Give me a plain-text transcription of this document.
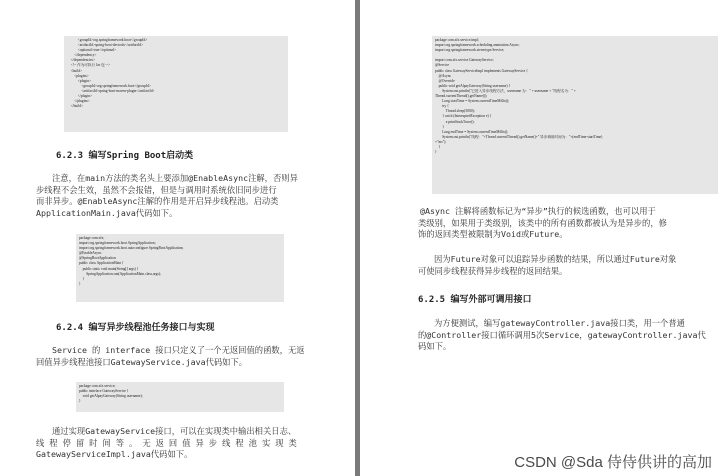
<groupId>org.springframework.boot</groupId>
<artifactId>spring-boot-devtools</artifactId>
<optional>true</optional>
</dependency>
</dependencies>
<!-- 作为可执行 Jar 包 -->
<build>
<plugins>
<plugin>
<groupId>org.springframework.boot</groupId>
<artifactId>spring-boot-maven-plugin</artifactId>
</plugin>
</plugins>
</build>
6.2.3 编写Spring Boot启动类
注意，在main方法的类名头上要添加@EnableAsync注解，否则异
步线程不会生效，虽然不会报错，但是与调用时系统依旧同步进行
而非异步。@EnableAsync注解的作用是开启异步线程池。启动类
ApplicationMain.java代码如下。
package com.zfx;
import org.springframework.boot.SpringApplication;
import org.springframework.boot.autoconfigure.SpringBootApplication;
@EnableAsync
@SpringBootApplication
public class ApplicationMain {
public static void main(String[] args) {
SpringApplication.run(ApplicationMain.class,args);
}
}
6.2.4 编写异步线程池任务接口与实现
Service 的 interface 接口只定义了一个无返回值的函数，无返
回值异步线程池接口GatewayService.java代码如下。
package com.zfx.service;
public interface GatewayService {
void getAlpayGateway(String username);
}
通过实现GatewayService接口，可以在实现类中输出相关日志、
线 程 停 留 时 间 等 。 无 返 回 值 异 步 线 程 池 实 现 类
GatewayServiceImpl.java代码如下。
package com.zfx.service.impl;
import org.springframework.scheduling.annotation.Async;
import org.springframework.stereotype.Service;

import com.zfx.service.GatewayService;
@Service
public class GatewayServiceImpl implements GatewayService {
@Async
@Override
public void getAlpayGateway(String username) {
System.out.println("已进入异步线程方法，username 为：" + username + "线程名为：" +
Thread.currentThread().getName());
Long startTime = System.currentTimeMillis();
try {
Thread.sleep(5000);
} catch (InterruptedException e) {
e.printStackTrace();
}
Long endTime = System.currentTimeMillis();
System.out.println("线程："+Thread.currentThread().getName()+" 异步调用时间为："+(endTime-startTime)
+"ms");
}
}
@Async 注解将函数标记为“异步”执行的候选函数，也可以用于
类级别，如果用于类级别，该类中的所有函数都被认为是异步的，修
饰的返回类型被限制为Void或Future。
因为Future对象可以追踪异步函数的结果，所以通过Future对象
可使同步线程获得异步线程的返回结果。
6.2.5 编写外部可调用接口
为方便测试，编写gatewayController.java接口类，用一个普通
的@Controller接口循环调用5次Service，gatewayController.java代
码如下。
CSDN @Sda 侍侍供讲的高加
